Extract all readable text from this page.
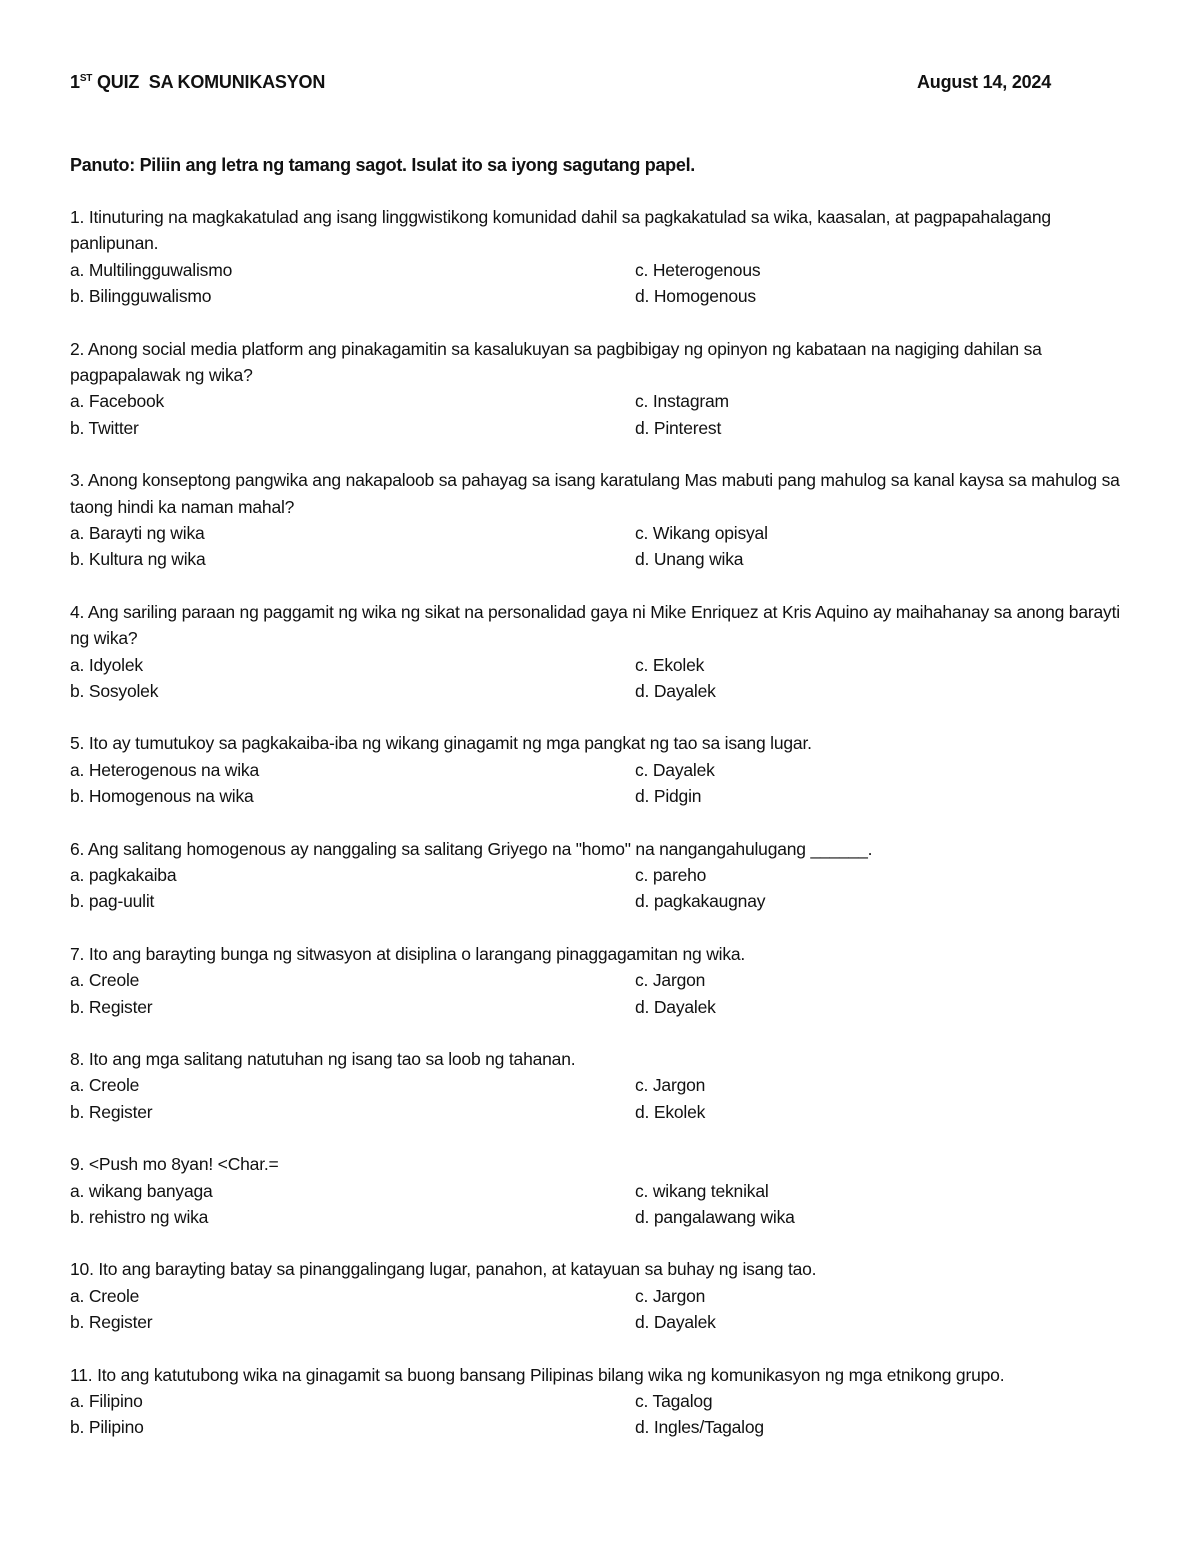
1ST QUIZ  SA KOMUNIKASYON	August 14, 2024
Panuto: Piliin ang letra ng tamang sagot. Isulat ito sa iyong sagutang papel.
1. Itinuturing na magkakatulad ang isang linggwistikong komunidad dahil sa pagkakatulad sa wika, kaasalan, at pagpapahalagang panlipunan.
a. Multilingguwalismo	c. Heterogenous
b. Bilingguwalismo	d. Homogenous
2. Anong social media platform ang pinakagamitin sa kasalukuyan sa pagbibigay ng opinyon ng kabataan na nagiging dahilan sa pagpapalawak ng wika?
a. Facebook	c. Instagram
b. Twitter	d. Pinterest
3. Anong konseptong pangwika ang nakapaloob sa pahayag sa isang karatulang Mas mabuti pang mahulog sa kanal kaysa sa mahulog sa taong hindi ka naman mahal?
a. Barayti ng wika	c. Wikang opisyal
b. Kultura ng wika	d. Unang wika
4. Ang sariling paraan ng paggamit ng wika ng sikat na personalidad gaya ni Mike Enriquez at Kris Aquino ay maihahanay sa anong barayti ng wika?
a. Idyolek	c. Ekolek
b. Sosyolek	d. Dayalek
5. Ito ay tumutukoy sa pagkakaiba-iba ng wikang ginagamit ng mga pangkat ng tao sa isang lugar.
a. Heterogenous na wika	c. Dayalek
b. Homogenous na wika	d. Pidgin
6. Ang salitang homogenous ay nanggaling sa salitang Griyego na "homo" na nangangahulugang ______.
a. pagkakaiba	c. pareho
b. pag-uulit	d. pagkakaugnay
7. Ito ang barayting bunga ng sitwasyon at disiplina o larangang pinaggagamitan ng wika.
a. Creole	c. Jargon
b. Register	d. Dayalek
8. Ito ang mga salitang natutuhan ng isang tao sa loob ng tahanan.
a. Creole	c. Jargon
b. Register	d. Ekolek
9. <Push mo 8yan! <Char.=
a. wikang banyaga	c. wikang teknikal
b. rehistro ng wika	d. pangalawang wika
10. Ito ang barayting batay sa pinanggalingang lugar, panahon, at katayuan sa buhay ng isang tao.
a. Creole	c. Jargon
b. Register	d. Dayalek
11. Ito ang katutubong wika na ginagamit sa buong bansang Pilipinas bilang wika ng komunikasyon ng mga etnikong grupo.
a. Filipino	c. Tagalog
b. Pilipino	d. Ingles/Tagalog
